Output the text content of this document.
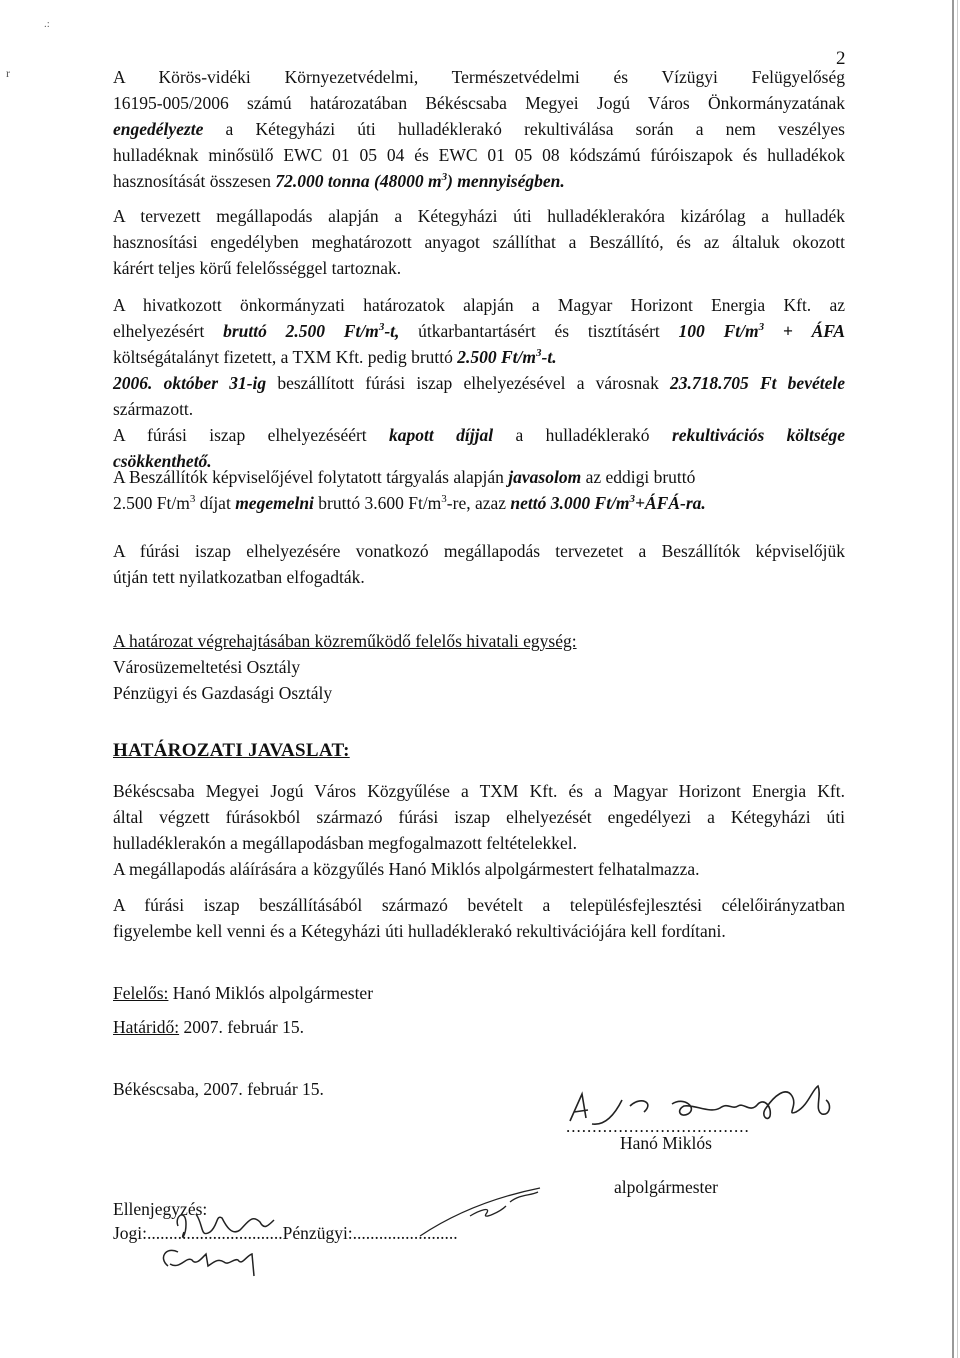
.:
r
2
A Körös-vidéki Környezetvédelmi, Természetvédelmi és Vízügyi Felügyelőség
16195-005/2006 számú határozatában Békéscsaba Megyei Jogú Város Önkormányzatának
engedélyezte a Kétegyházi úti hulladéklerakó rekultiválása során a nem veszélyes
hulladéknak minősülő EWC 01 05 04 és EWC 01 05 08 kódszámú fúróiszapok és hulladékok
hasznosítását összesen 72.000 tonna (48000 $m^3$) mennyiségben.
A tervezett megállapodás alapján a Kétegyházi úti hulladéklerakóra kizárólag a hulladék
hasznosítási engedélyben meghatározott anyagot szállíthat a Beszállító, és az általuk okozott
kárért teljes körű felelősséggel tartoznak.
A hivatkozott önkormányzati határozatok alapján a Magyar Horizont Energia Kft. az
elhelyezésért bruttó 2.500 $Ft/m^3-t$, útkarbantartásért és tisztításért 100 $Ft/m^3$ + ÁFA
költségátalányt fizetett, a TXM Kft. pedig bruttó 2.500 $Ft/m^3-t$.
2006. október 31-ig beszállított fúrási iszap elhelyezésével a városnak 23.718.705 Ft bevétele
származott.
A fúrási iszap elhelyezéséért kapott díjjal a hulladéklerakó rekultivációs költsége
csökkenthető.
A Beszállítók képviselőjével folytatott tárgyalás alapján javasolom az eddigi bruttó
2.500 $Ft/m^3$ díjat megemelni bruttó 3.600 $Ft/m^3-re$, azaz nettó 3.000 $Ft/m^3+ÁFÁ-ra$.
A fúrási iszap elhelyezésére vonatkozó megállapodás tervezetet a Beszállítók képviselőjük
útján tett nyilatkozatban elfogadták.
A határozat végrehajtásában közreműködő felelős hivatali egység:
Városüzemeltetési Osztály
Pénzügyi és Gazdasági Osztály
HATÁROZATI JAVASLAT:
Békéscsaba Megyei Jogú Város Közgyűlése a TXM Kft. és a Magyar Horizont Energia Kft.
által végzett fúrásokból származó fúrási iszap elhelyezését engedélyezi a Kétegyházi úti
hulladéklerakón a megállapodásban megfogalmazott feltételekkel.
A megállapodás aláírására a közgyűlés Hanó Miklós alpolgármestert felhatalmazza.
A fúrási iszap beszállításából származó bevételt a településfejlesztési célelőirányzatban
figyelembe kell venni és a Kétegyházi úti hulladéklerakó rekultivációjára kell fordítani.
Felelős: Hanó Miklós alpolgármester
Határidő: 2007. február 15.
Békéscsaba, 2007. február 15.
...................................
Hanó Miklós
alpolgármester
Ellenjegyzés:
Jogi:...............................Pénzügyi:........................
